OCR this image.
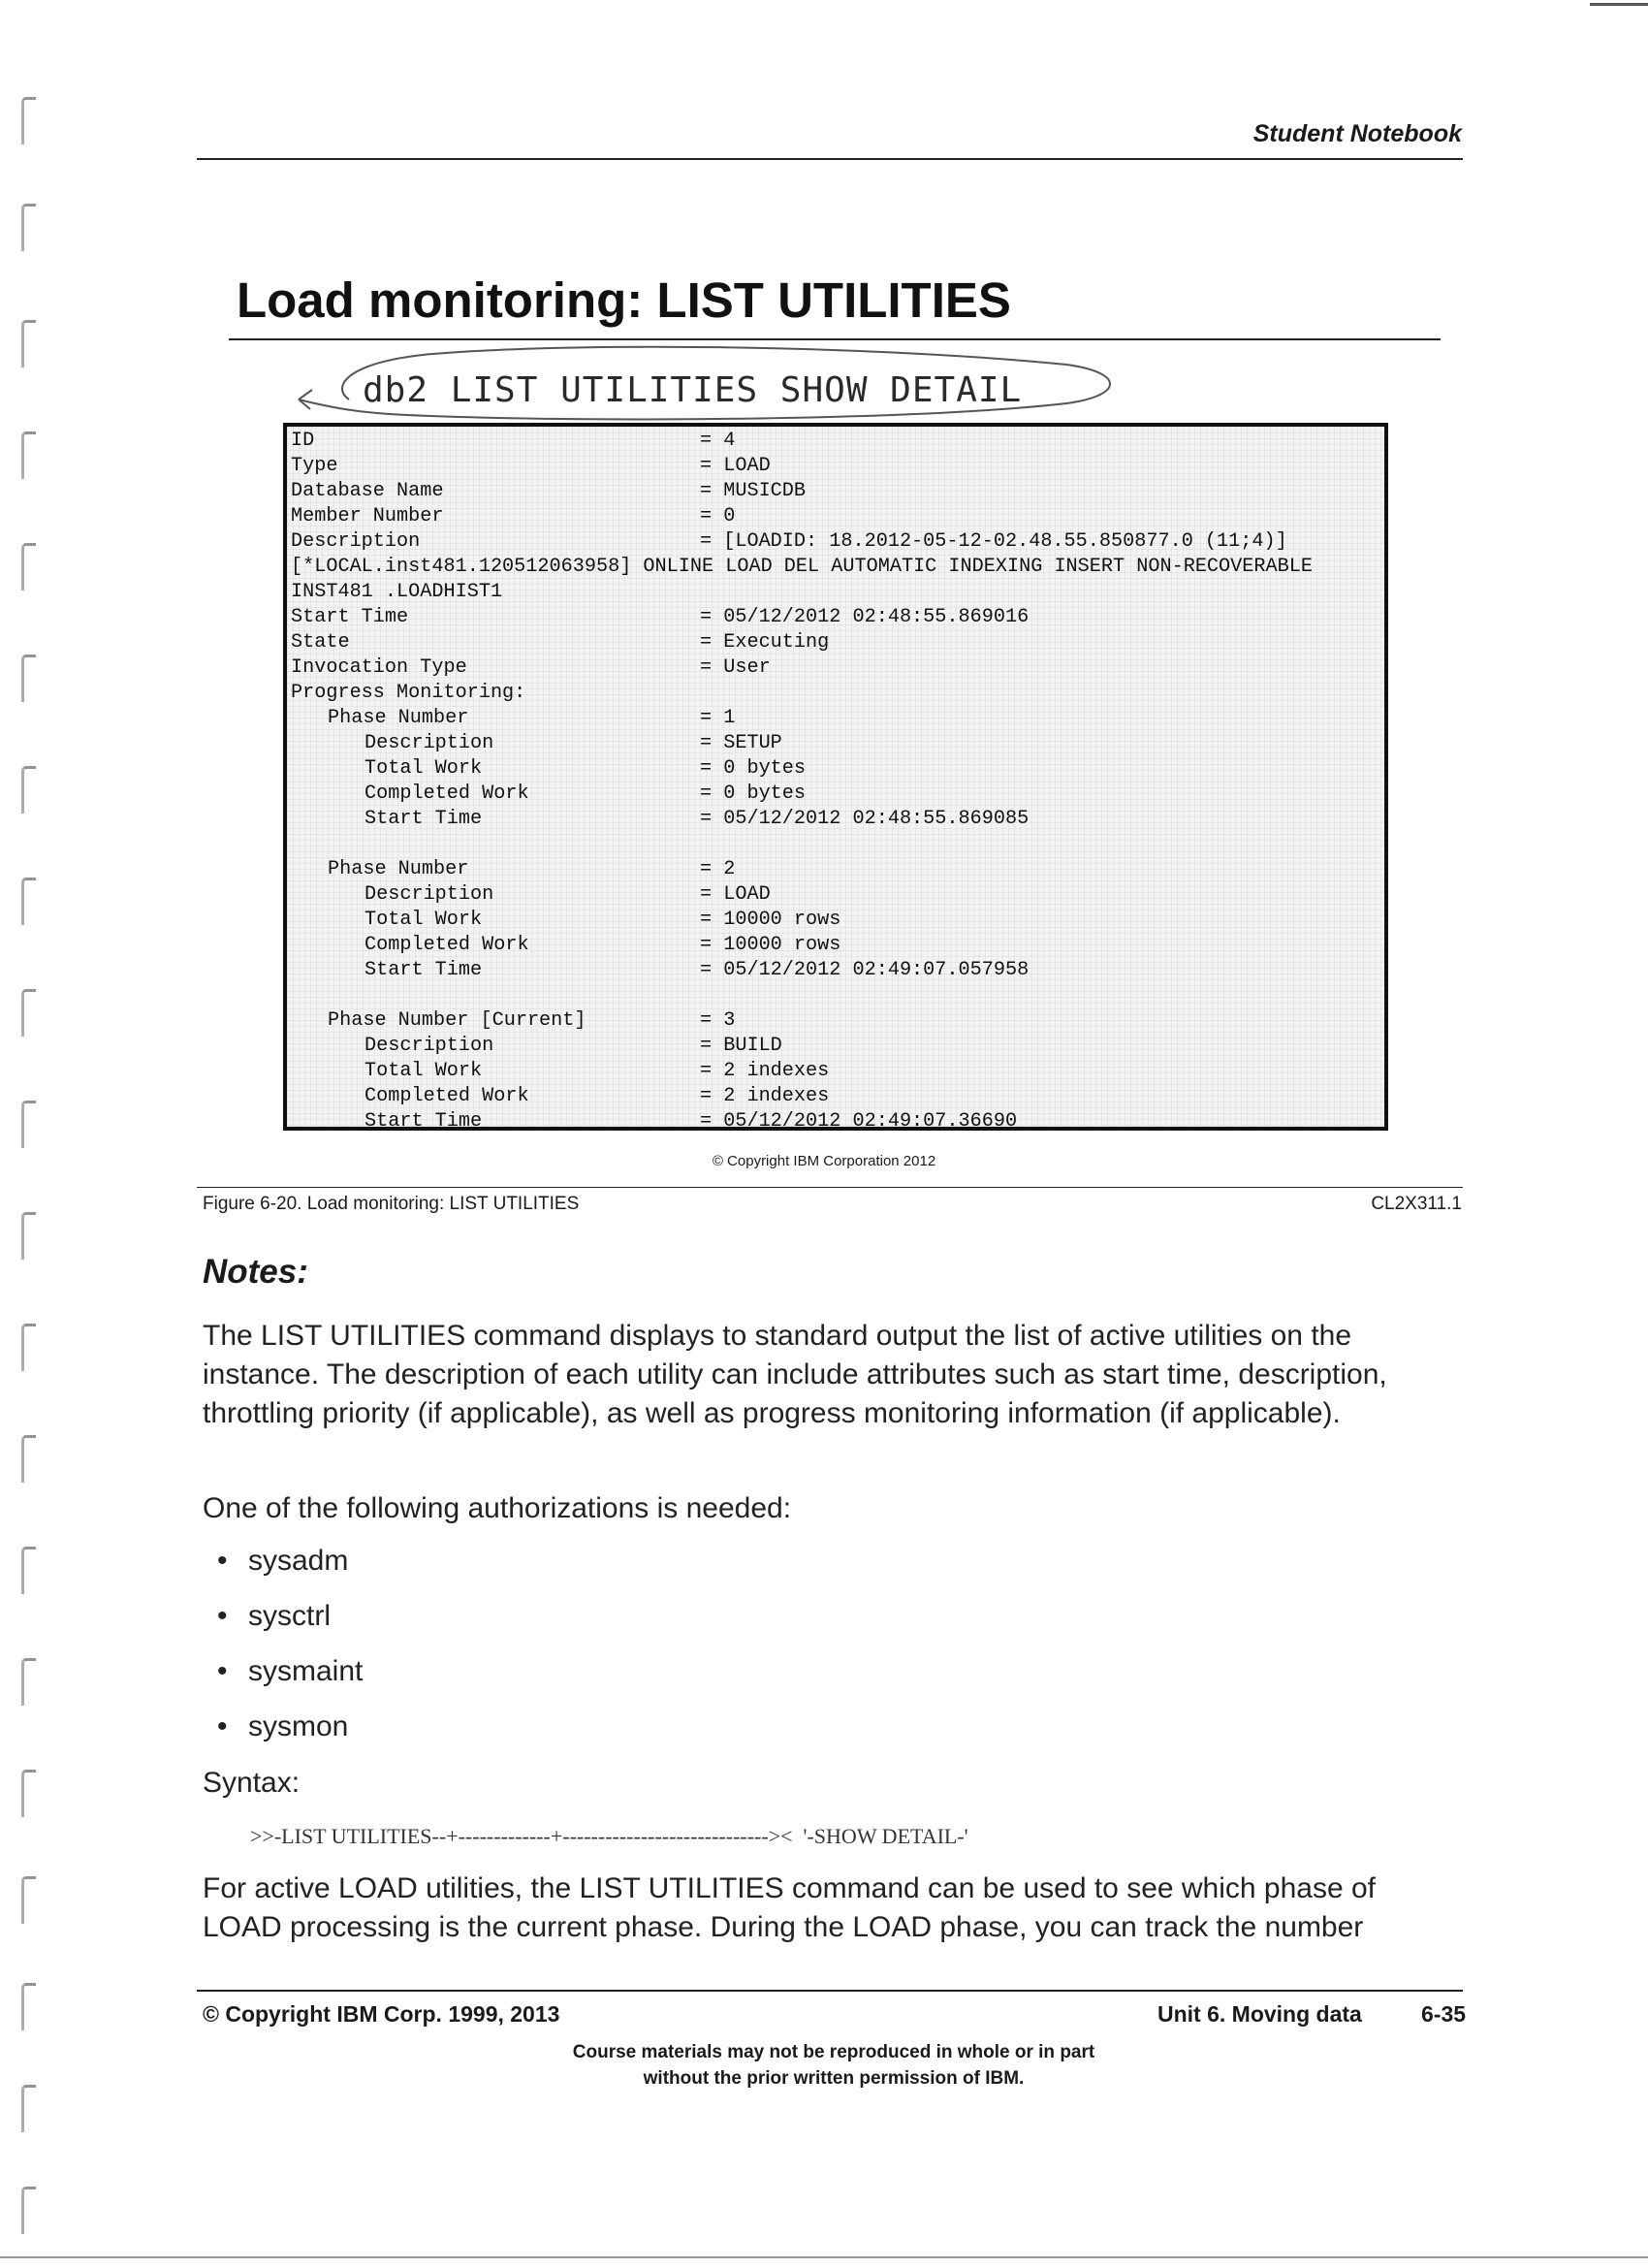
Student Notebook
Load monitoring: LIST UTILITIES
db2 LIST UTILITIES SHOW DETAIL
ID	= 4
Type	= LOAD
Database Name	= MUSICDB
Member Number	= 0
Description	= [LOADID: 18.2012-05-12-02.48.55.850877.0 (11;4)]
[*LOCAL.inst481.120512063958] ONLINE LOAD DEL AUTOMATIC INDEXING INSERT NON-RECOVERABLE
INST481 .LOADHIST1
Start Time	= 05/12/2012 02:48:55.869016
State	= Executing
Invocation Type	= User
Progress Monitoring:
Phase Number	= 1
Description	= SETUP
Total Work	= 0 bytes
Completed Work	= 0 bytes
Start Time	= 05/12/2012 02:48:55.869085
Phase Number	= 2
Description	= LOAD
Total Work	= 10000 rows
Completed Work	= 10000 rows
Start Time	= 05/12/2012 02:49:07.057958
Phase Number [Current]	= 3
Description	= BUILD
Total Work	= 2 indexes
Completed Work	= 2 indexes
Start Time	= 05/12/2012 02:49:07.36690
© Copyright IBM Corporation 2012
Figure 6-20. Load monitoring: LIST UTILITIES	CL2X311.1
Notes:
The LIST UTILITIES command displays to standard output the list of active utilities on the instance. The description of each utility can include attributes such as start time, description, throttling priority (if applicable), as well as progress monitoring information (if applicable).
One of the following authorizations is needed:
• sysadm
• sysctrl
• sysmaint
• sysmon
Syntax:
>>-LIST UTILITIES--+-------------+-----------------------------><  '-SHOW DETAIL-'
For active LOAD utilities, the LIST UTILITIES command can be used to see which phase of LOAD processing is the current phase. During the LOAD phase, you can track the number
© Copyright IBM Corp. 1999, 2013	Unit 6. Moving data	6-35
Course materials may not be reproduced in whole or in part
without the prior written permission of IBM.
